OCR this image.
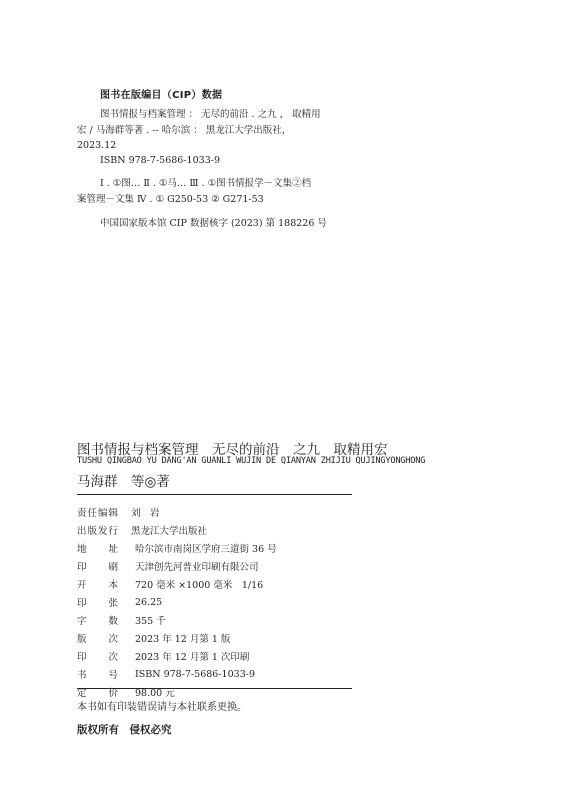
图书在版编目（CIP）数据
图书情报与档案管理 ： 无尽的前沿 . 之九 ， 取精用
宏 / 马海群等著 . -- 哈尔滨 ： 黑龙江大学出版社，
2023.12
ISBN 978-7-5686-1033-9
Ⅰ . ①图… Ⅱ . ①马… Ⅲ . ①图书情报学－文集②档
案管理－文集 Ⅳ . ① G250-53 ② G271-53
中国国家版本馆 CIP 数据核字 (2023) 第 188226 号
图书情报与档案管理　无尽的前沿　之九　取精用宏
TUSHU QINGBAO YU DANG'AN GUANLI WUJIN DE QIANYAN ZHIJIU QUJINGYONGHONG
马海群　等◎著
责 任 编 辑 刘　岩
出 版 发 行 黑龙江大学出版社
地 址 哈尔滨市南岗区学府三道街 36 号
印 刷 天津创先河普业印刷有限公司
开 本 720 毫米 ×1000 毫米　1/16
印 张 26.25
字 数 355 千
版 次 2023 年 12 月第 1 版
印 次 2023 年 12 月第 1 次印刷
书 号 ISBN 978-7-5686-1033-9
定 价 98.00 元
本书如有印装错误请与本社联系更换。
版权所有　侵权必究
